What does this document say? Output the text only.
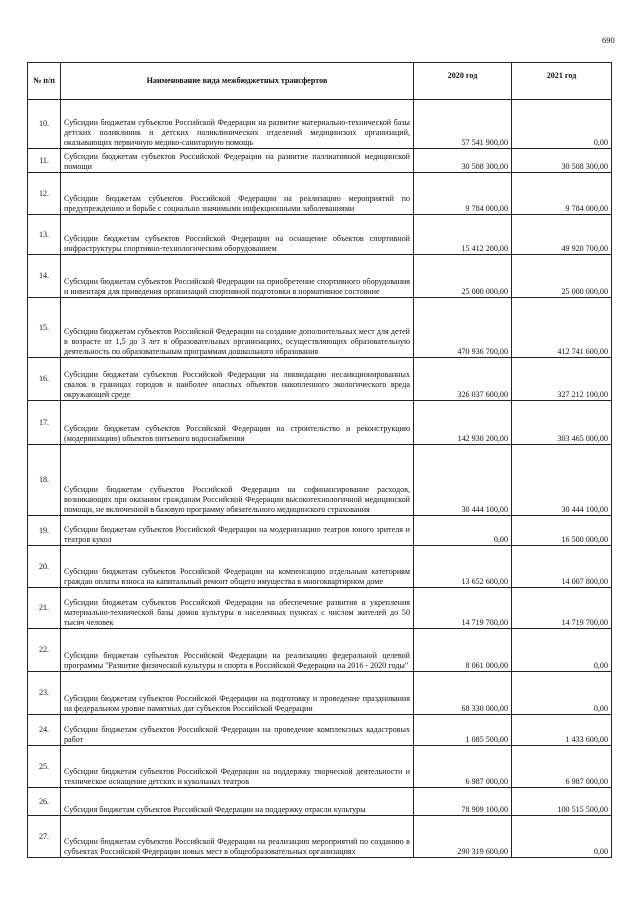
690
№ п/п	Наименование вида межбюджетных трансфертов	2020 год	2021 год
10.	Субсидии бюджетам субъектов Российской Федерации на развитие материально-технической базы детских поликлиник и детских поликлинических отделений медицинских организаций, оказывающих первичную медико-санитарную помощь	57 541 900,00	0,00
11.	Субсидии бюджетам субъектов Российской Федерации на развитие паллиативной медицинской помощи	30 508 300,00	30 508 300,00
12.	Субсидии бюджетам субъектов Российской Федерации на реализацию мероприятий по предупреждению и борьбе с социально значимыми инфекционными заболеваниями	9 784 000,00	9 784 000,00
13.	Субсидии бюджетам субъектов Российской Федерации на оснащение объектов спортивной инфраструктуры спортивно-технологическим оборудованием	15 412 200,00	49 920 700,00
14.	Субсидии бюджетам субъектов Российской Федерации на приобретение спортивного оборудования и инвентаря для приведения организаций спортивной подготовки в нормативное состояние	25 000 000,00	25 000 000,00
15.	Субсидии бюджетам субъектов Российской Федерации на создание дополнительных мест для детей в возрасте от 1,5 до 3 лет в образовательных организациях, осуществляющих образовательную деятельность по образовательным программам дошкольного образования	470 936 700,00	412 741 600,00
16.	Субсидии бюджетам субъектов Российской Федерации на ликвидацию несанкционированных свалок в границах городов и наиболее опасных объектов накопленного экологического вреда окружающей среде	326 037 600,00	327 212 100,00
17.	Субсидии бюджетам субъектов Российской Федерации на строительство и реконструкцию (модернизацию) объектов питьевого водоснабжения	142 930 200,00	303 465 000,00
18.	Субсидии бюджетам субъектов Российской Федерации на софинансирование расходов, возникающих при оказании гражданам Российской Федерации высокотехнологичной медицинской помощи, не включенной в базовую программу обязательного медицинского страхования	30 444 100,00	30 444 100,00
19.	Субсидии бюджетам субъектов Российской Федерации на модернизацию театров юного зрителя и театров кукол	0,00	16 500 000,00
20.	Субсидии бюджетам субъектов Российской Федерации на компенсацию отдельным категориям граждан оплаты взноса на капитальный ремонт общего имущества в многоквартирном доме	13 652 600,00	14 007 800,00
21.	Субсидии бюджетам субъектов Российской Федерации на обеспечение развития и укрепления материально-технической базы домов культуры в населенных пунктах с числом жителей до 50 тысяч человек	14 719 700,00	14 719 700,00
22.	Субсидии бюджетам субъектов Российской Федерации на реализацию федеральной целевой программы "Развитие физической культуры и спорта в Российской Федерации на 2016 - 2020 годы"	8 061 000,00	0,00
23.	Субсидии бюджетам субъектов Российской Федерации на подготовку и проведение празднования на федеральном уровне памятных дат субъектов Российской Федерации	68 330 000,00	0,00
24.	Субсидии бюджетам субъектов Российской Федерации на проведение комплексных кадастровых работ	1 085 500,00	1 433 600,00
25.	Субсидии бюджетам субъектов Российской Федерации на поддержку творческой деятельности и техническое оснащение детских и кукольных театров	6 987 000,00	6 987 000,00
26.	Субсидия бюджетам субъектов Российской Федерации на поддержку отрасли культуры	78 909 100,00	100 515 500,00
27.	Субсидии бюджетам субъектов Российской Федерации на реализацию мероприятий по созданию в субъектах Российской Федерации новых мест в общеобразовательных организациях	290 319 600,00	0,00
